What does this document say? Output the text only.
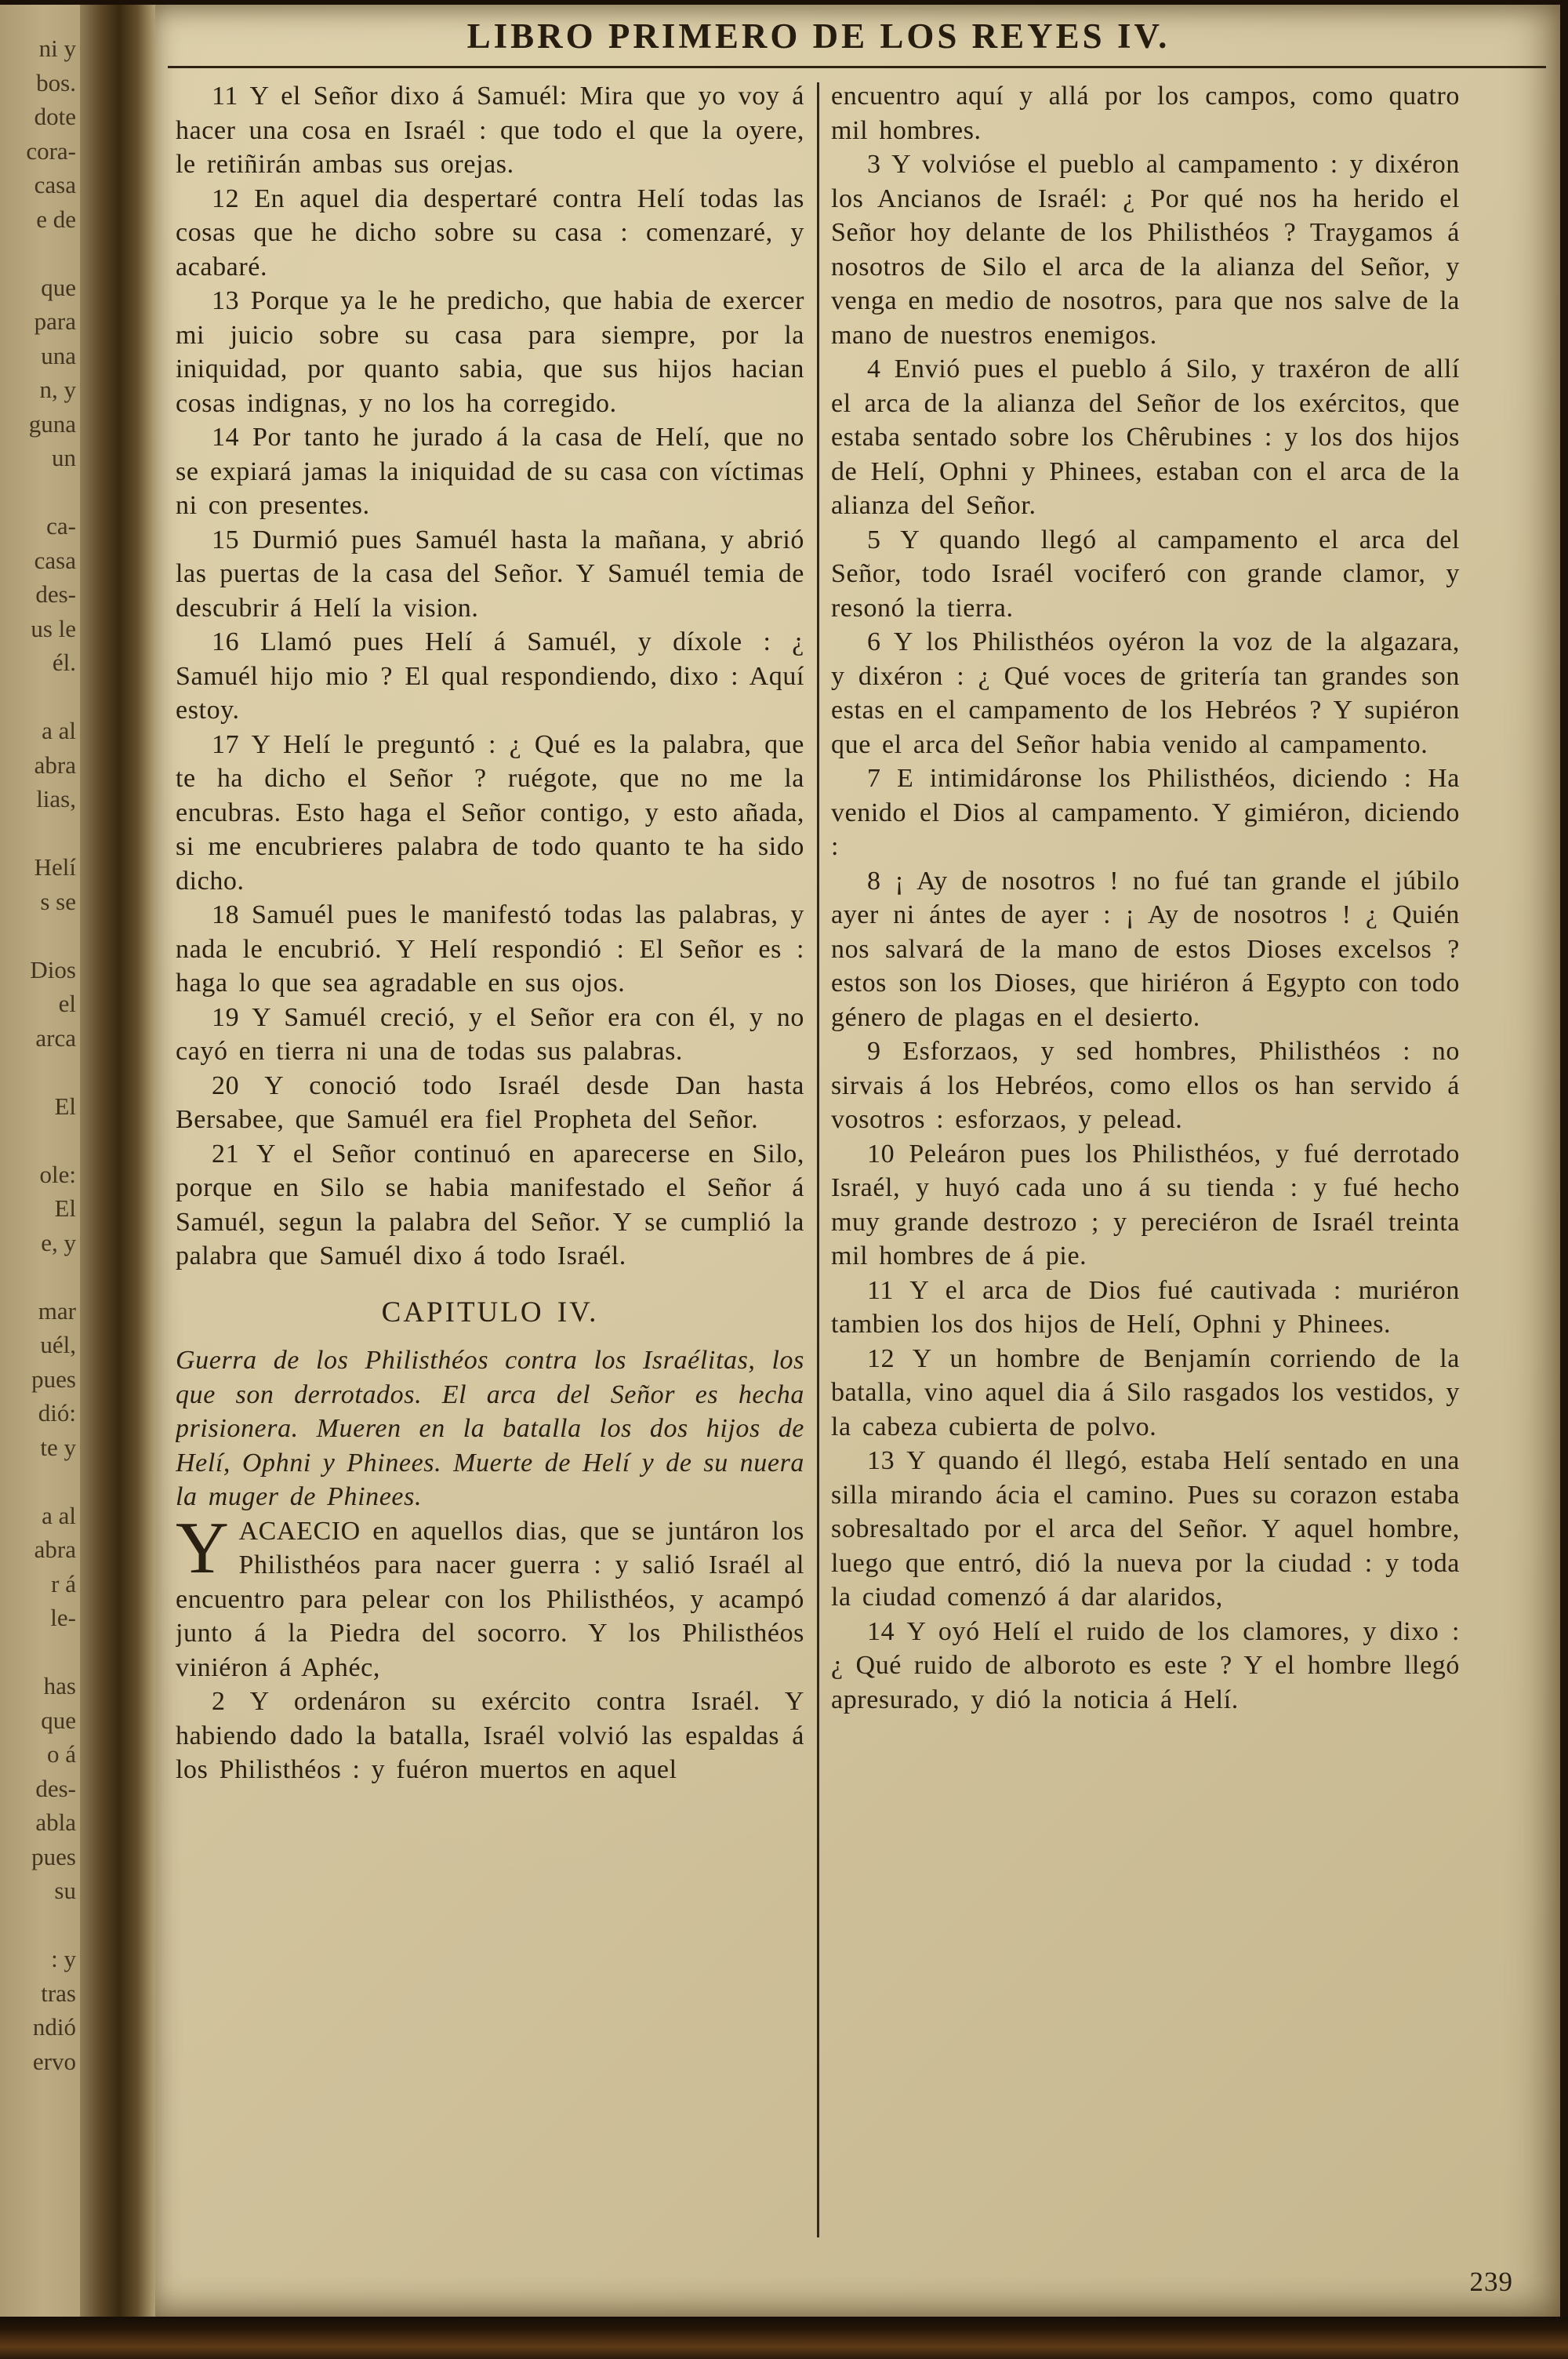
ni y
bos.
dote
cora-
casa
e de

que
para
una
n, y
guna
un

ca-
casa
des-
us le
él.

a al
abra
lias,

Helí
s se

Dios
el
arca

El

ole:
El
e, y

mar
uél,
pues
dió:
te y

a al
abra
r á
le-

has
que
o á
des-
abla
pues
su

: y
tras
ndió
ervo
LIBRO PRIMERO DE LOS REYES IV.

11 Y el Señor dixo á Samuél: Mira que yo voy á hacer una cosa en Israél : que todo el que la oyere, le retiñirán ambas sus orejas.

12 En aquel dia despertaré contra Helí todas las cosas que he dicho sobre su casa : comenzaré, y acabaré.

13 Porque ya le he predicho, que habia de exercer mi juicio sobre su casa para siempre, por la iniquidad, por quanto sabia, que sus hijos hacian cosas indignas, y no los ha corregido.

14 Por tanto he jurado á la casa de Helí, que no se expiará jamas la iniquidad de su casa con víctimas ni con presentes.

15 Durmió pues Samuél hasta la mañana, y abrió las puertas de la casa del Señor. Y Samuél temia de descubrir á Helí la vision.

16 Llamó pues Helí á Samuél, y díxole : ¿ Samuél hijo mio ? El qual respondiendo, dixo : Aquí estoy.

17 Y Helí le preguntó : ¿ Qué es la palabra, que te ha dicho el Señor ? ruégote, que no me la encubras. Esto haga el Señor contigo, y esto añada, si me encubrieres palabra de todo quanto te ha sido dicho.

18 Samuél pues le manifestó todas las palabras, y nada le encubrió. Y Helí respondió : El Señor es : haga lo que sea agradable en sus ojos.

19 Y Samuél creció, y el Señor era con él, y no cayó en tierra ni una de todas sus palabras.

20 Y conoció todo Israél desde Dan hasta Bersabee, que Samuél era fiel Propheta del Señor.

21 Y el Señor continuó en aparecerse en Silo, porque en Silo se habia manifestado el Señor á Samuél, segun la palabra del Señor. Y se cumplió la palabra que Samuél dixo á todo Israél.

CAPITULO IV.

Guerra de los Philisthéos contra los Israélitas, los que son derrotados. El arca del Señor es hecha prisionera. Mueren en la batalla los dos hijos de Helí, Ophni y Phinees. Muerte de Helí y de su nuera la muger de Phinees.

YACAECIO en aquellos dias, que se juntáron los Philisthéos para nacer guerra : y salió Israél al encuentro para pelear con los Philisthéos, y acampó junto á la Piedra del socorro. Y los Philisthéos viniéron á Aphéc,

2 Y ordenáron su exército contra Israél. Y habiendo dado la batalla, Israél volvió las espaldas á los Philisthéos : y fuéron muertos en aquel

encuentro aquí y allá por los campos, como quatro mil hombres.

3 Y volvióse el pueblo al campamento : y dixéron los Ancianos de Israél: ¿ Por qué nos ha herido el Señor hoy delante de los Philisthéos ? Traygamos á nosotros de Silo el arca de la alianza del Señor, y venga en medio de nosotros, para que nos salve de la mano de nuestros enemigos.

4 Envió pues el pueblo á Silo, y traxéron de allí el arca de la alianza del Señor de los exércitos, que estaba sentado sobre los Chêrubines : y los dos hijos de Helí, Ophni y Phinees, estaban con el arca de la alianza del Señor.

5 Y quando llegó al campamento el arca del Señor, todo Israél vociferó con grande clamor, y resonó la tierra.

6 Y los Philisthéos oyéron la voz de la algazara, y dixéron : ¿ Qué voces de gritería tan grandes son estas en el campamento de los Hebréos ? Y supiéron que el arca del Señor habia venido al campamento.

7 E intimidáronse los Philisthéos, diciendo : Ha venido el Dios al campamento. Y gimiéron, diciendo :

8 ¡ Ay de nosotros ! no fué tan grande el júbilo ayer ni ántes de ayer : ¡ Ay de nosotros ! ¿ Quién nos salvará de la mano de estos Dioses excelsos ? estos son los Dioses, que hiriéron á Egypto con todo género de plagas en el desierto.

9 Esforzaos, y sed hombres, Philisthéos : no sirvais á los Hebréos, como ellos os han servido á vosotros : esforzaos, y pelead.

10 Peleáron pues los Philisthéos, y fué derrotado Israél, y huyó cada uno á su tienda : y fué hecho muy grande destrozo ; y pereciéron de Israél treinta mil hombres de á pie.

11 Y el arca de Dios fué cautivada : muriéron tambien los dos hijos de Helí, Ophni y Phinees.

12 Y un hombre de Benjamín corriendo de la batalla, vino aquel dia á Silo rasgados los vestidos, y la cabeza cubierta de polvo.

13 Y quando él llegó, estaba Helí sentado en una silla mirando ácia el camino. Pues su corazon estaba sobresaltado por el arca del Señor. Y aquel hombre, luego que entró, dió la nueva por la ciudad : y toda la ciudad comenzó á dar alaridos,

14 Y oyó Helí el ruido de los clamores, y dixo : ¿ Qué ruido de alboroto es este ? Y el hombre llegó apresurado, y dió la noticia á Helí.

239
